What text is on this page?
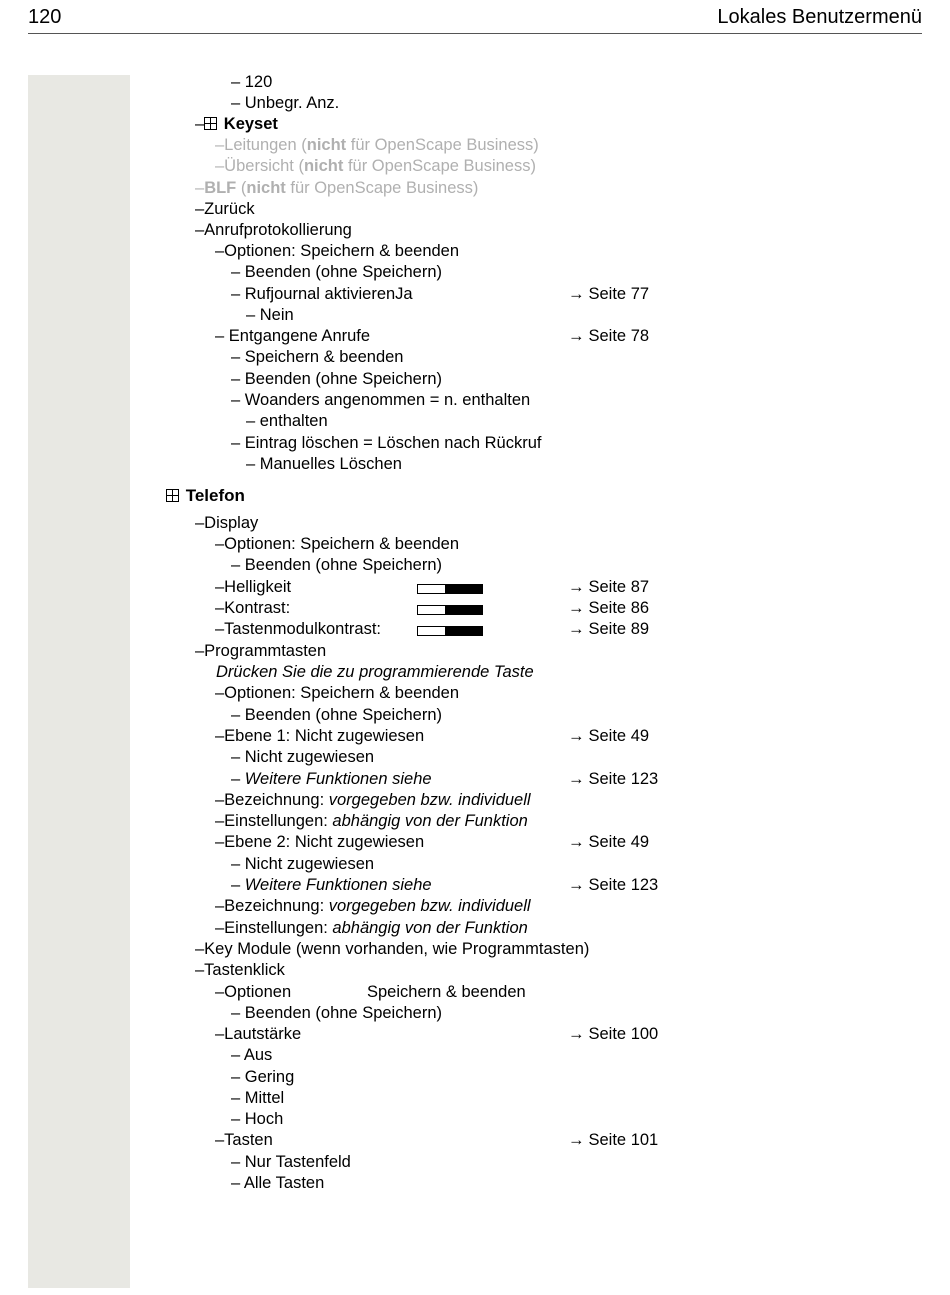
120	Lokales Benutzermenü
– 120
– Unbegr. Anz.
– Keyset
–Leitungen (nicht für OpenScape Business)
–Übersicht (nicht für OpenScape Business)
–BLF (nicht für OpenScape Business)
–Zurück
–Anrufprotokollierung
–Optionen: Speichern & beenden
– Beenden (ohne Speichern)
– Rufjournal aktivierenJa	→ Seite 77
– Nein
– Entgangene Anrufe	→ Seite 78
– Speichern & beenden
– Beenden (ohne Speichern)
– Woanders angenommen = n. enthalten
– enthalten
– Eintrag löschen = Löschen nach Rückruf
– Manuelles Löschen
Telefon
–Display
–Optionen: Speichern & beenden
– Beenden (ohne Speichern)
–Helligkeit	→ Seite 87
–Kontrast:	→ Seite 86
–Tastenmodulkontrast:	→ Seite 89
–Programmtasten
Drücken Sie die zu programmierende Taste
–Optionen: Speichern & beenden
– Beenden (ohne Speichern)
–Ebene 1: Nicht zugewiesen	→ Seite 49
– Nicht zugewiesen
– Weitere Funktionen siehe	→ Seite 123
–Bezeichnung: vorgegeben bzw. individuell
–Einstellungen: abhängig von der Funktion
–Ebene 2: Nicht zugewiesen	→ Seite 49
– Nicht zugewiesen
– Weitere Funktionen siehe	→ Seite 123
–Bezeichnung: vorgegeben bzw. individuell
–Einstellungen: abhängig von der Funktion
–Key Module (wenn vorhanden, wie Programmtasten)
–Tastenklick
–Optionen	Speichern & beenden
– Beenden (ohne Speichern)
–Lautstärke	→ Seite 100
– Aus
– Gering
– Mittel
– Hoch
–Tasten	→ Seite 101
– Nur Tastenfeld
– Alle Tasten
